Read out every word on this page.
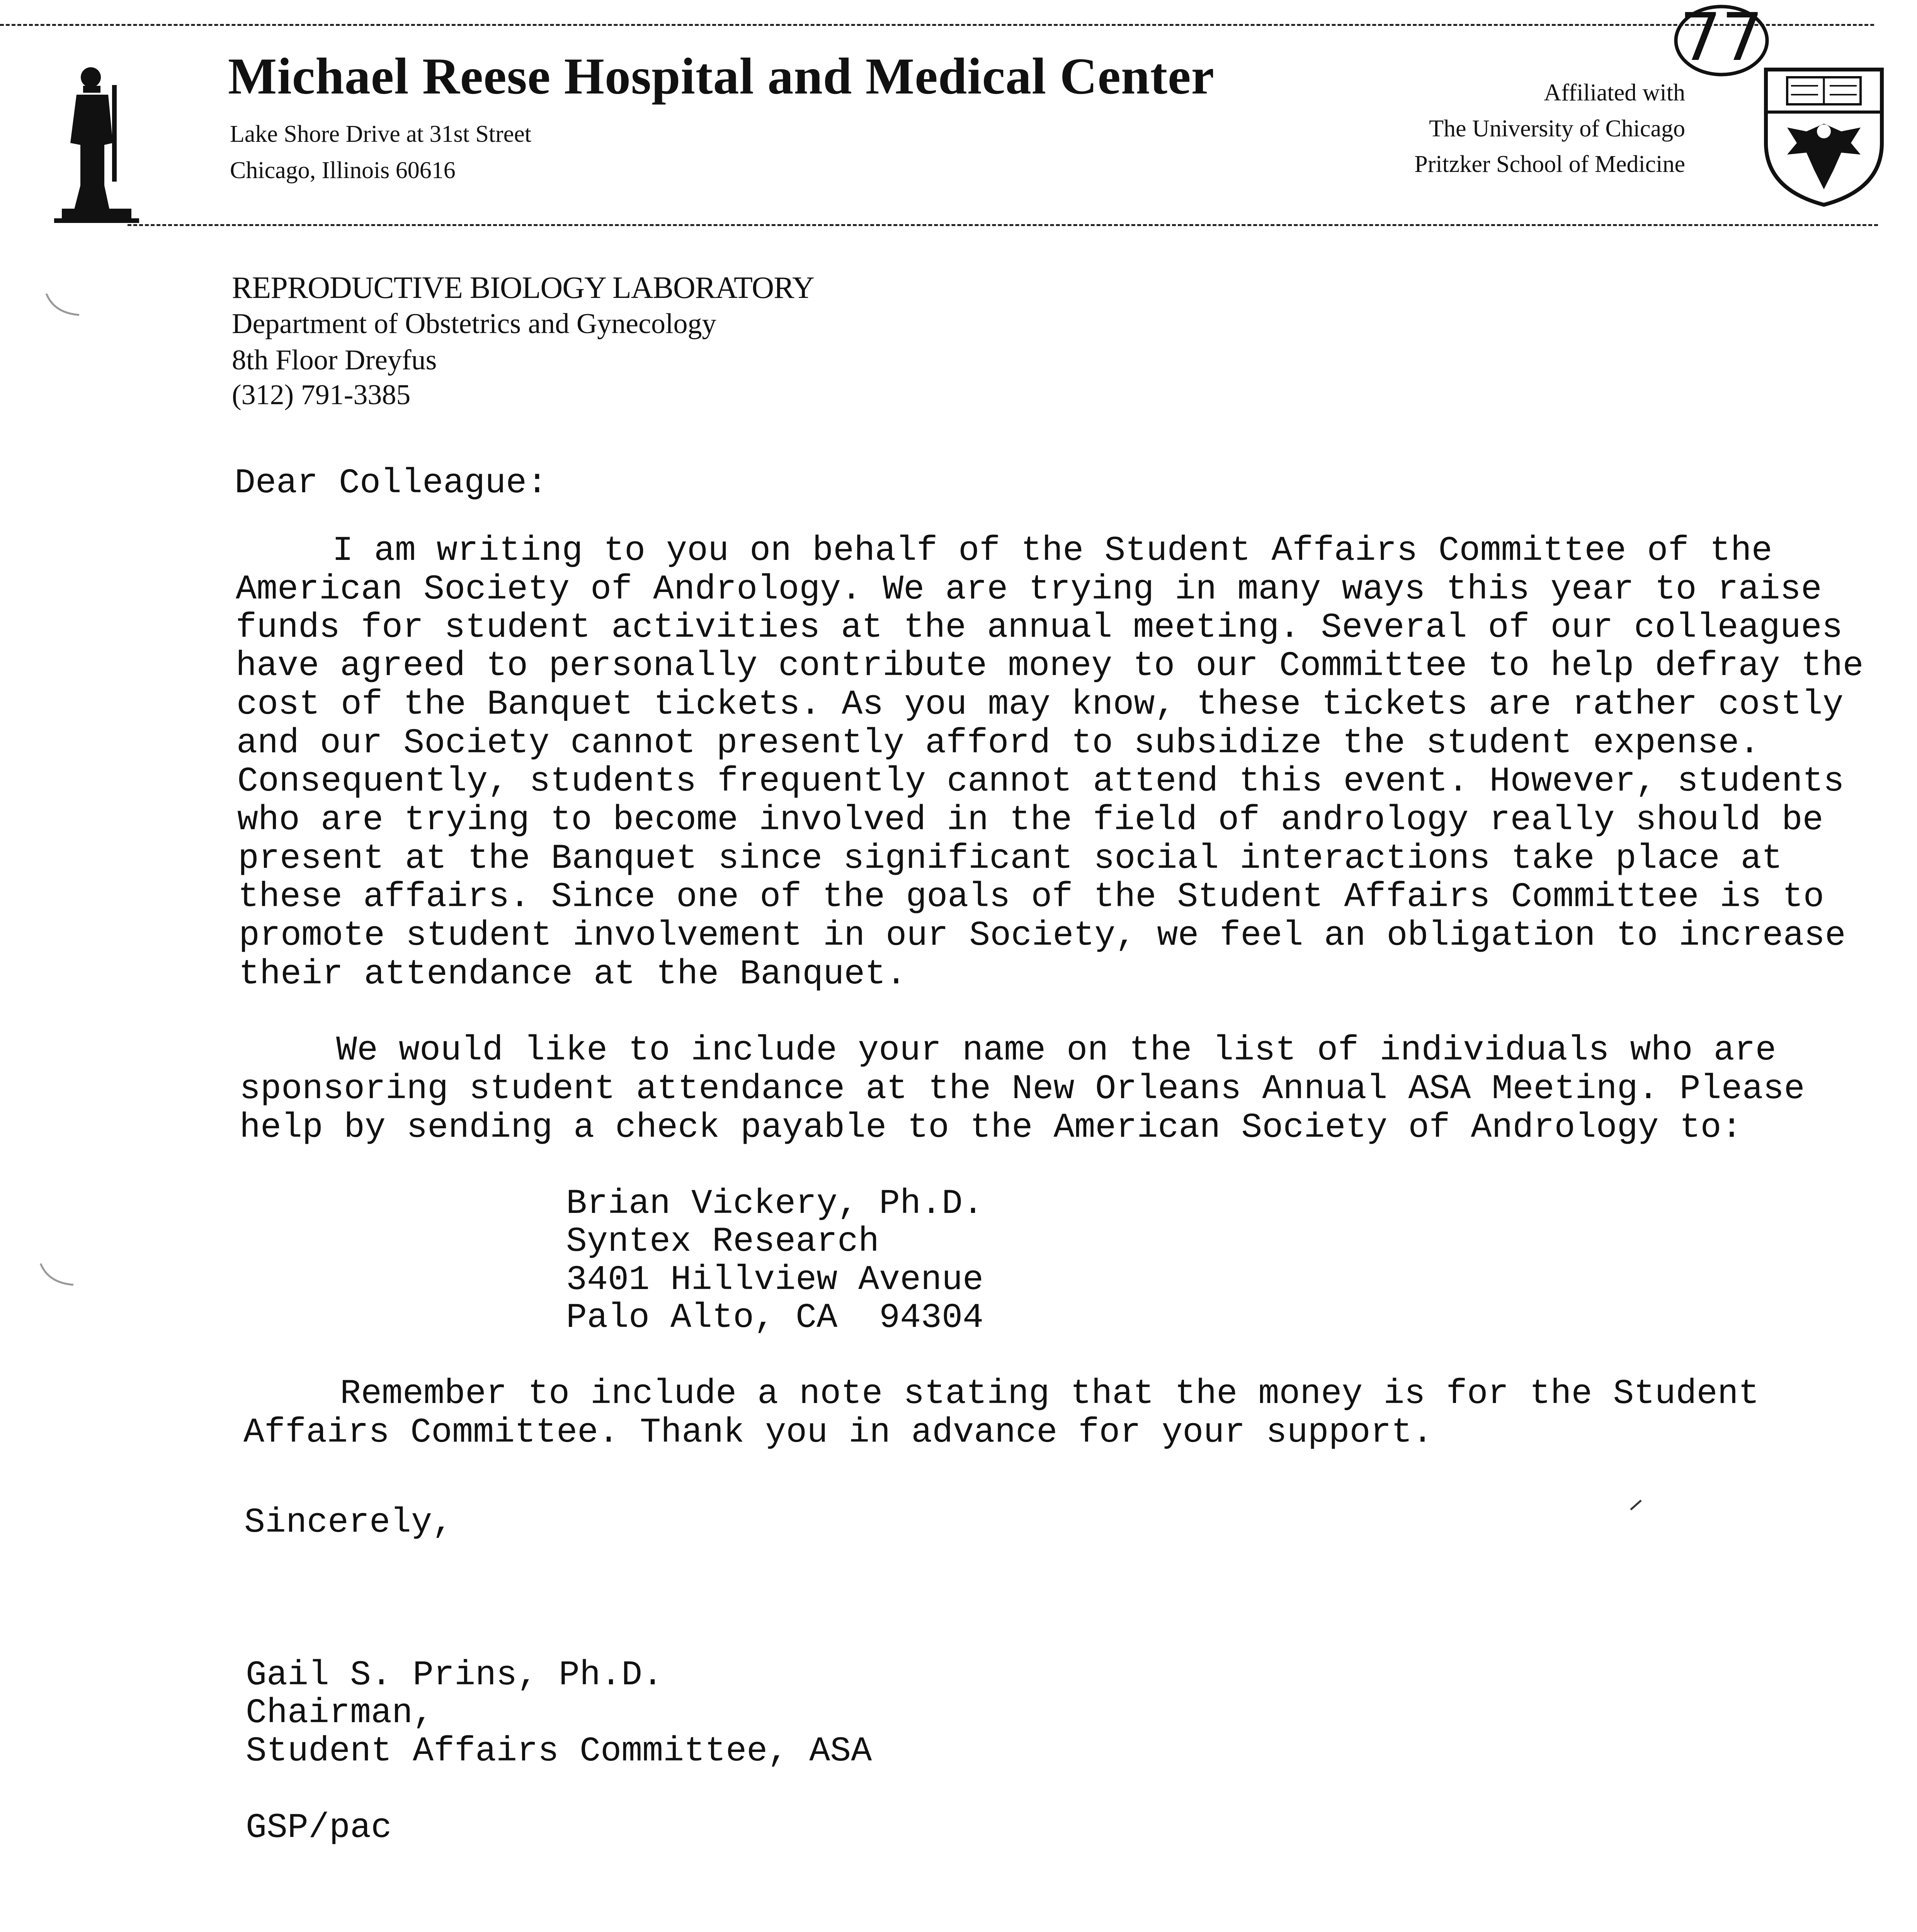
Michael Reese Hospital and Medical Center
Lake Shore Drive at 31st Street
Chicago, Illinois 60616
Affiliated with
The University of Chicago
Pritzker School of Medicine
77
REPRODUCTIVE BIOLOGY LABORATORY
Department of Obstetrics and Gynecology
8th Floor Dreyfus
(312) 791-3385
Dear Colleague:
I am writing to you on behalf of the Student Affairs Committee of the
American Society of Andrology. We are trying in many ways this year to raise
funds for student activities at the annual meeting. Several of our colleagues
have agreed to personally contribute money to our Committee to help defray the
cost of the Banquet tickets. As you may know, these tickets are rather costly
and our Society cannot presently afford to subsidize the student expense.
Consequently, students frequently cannot attend this event. However, students
who are trying to become involved in the field of andrology really should be
present at the Banquet since significant social interactions take place at
these affairs. Since one of the goals of the Student Affairs Committee is to
promote student involvement in our Society, we feel an obligation to increase
their attendance at the Banquet.
We would like to include your name on the list of individuals who are
sponsoring student attendance at the New Orleans Annual ASA Meeting. Please
help by sending a check payable to the American Society of Andrology to:
Brian Vickery, Ph.D.
Syntex Research
3401 Hillview Avenue
Palo Alto, CA  94304
Remember to include a note stating that the money is for the Student
Affairs Committee. Thank you in advance for your support.
Sincerely,
Gail S. Prins, Ph.D.
Chairman,
Student Affairs Committee, ASA
GSP/pac
